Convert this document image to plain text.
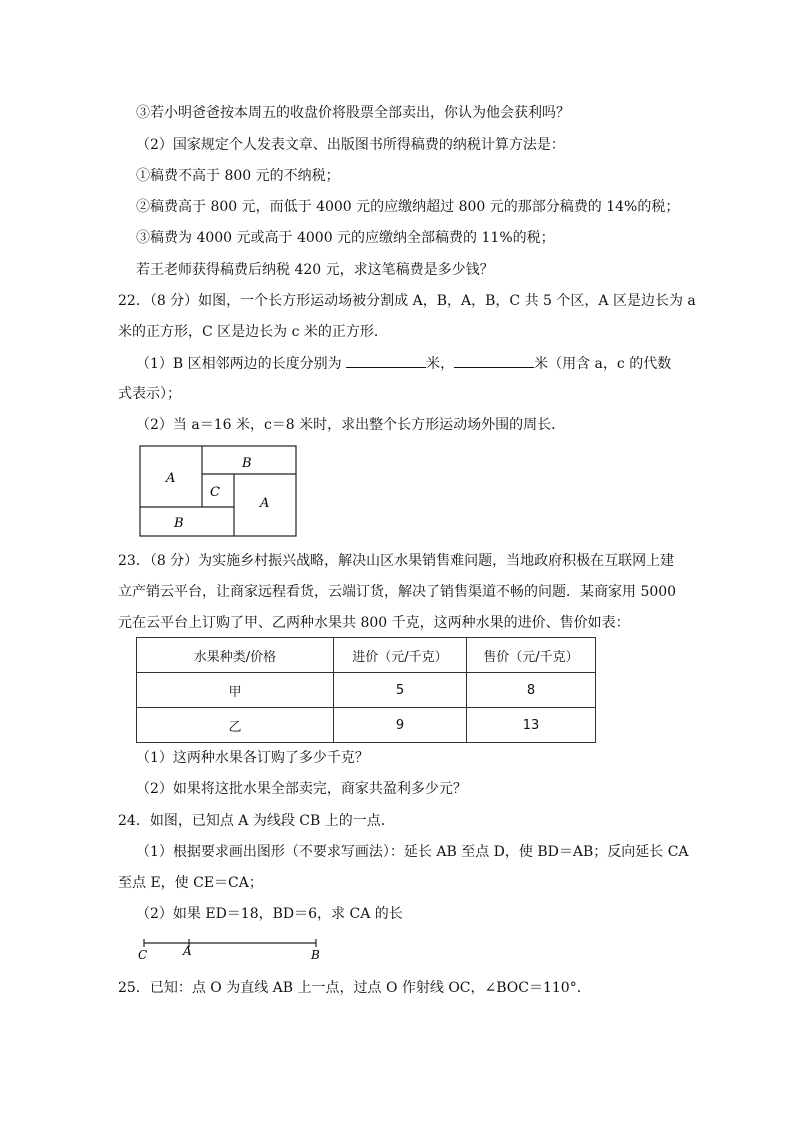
③若小明爸爸按本周五的收盘价将股票全部卖出，你认为他会获利吗？
（2）国家规定个人发表文章、出版图书所得稿费的纳税计算方法是：
①稿费不高于 800 元的不纳税；
②稿费高于 800 元，而低于 4000 元的应缴纳超过 800 元的那部分稿费的 14%的税；
③稿费为 4000 元或高于 4000 元的应缴纳全部稿费的 11%的税；
若王老师获得稿费后纳税 420 元，求这笔稿费是多少钱？
22．（8 分）如图，一个长方形运动场被分割成 A，B，A，B，C 共 5 个区，A 区是边长为 a
米的正方形，C 区是边长为 c 米的正方形．
（1）B 区相邻两边的长度分别为	米，	米（用含 a，c 的代数
式表示）；
（2）当 a＝16 米，c＝8 米时，求出整个长方形运动场外围的周长．
A
B
C
A
B
23．（8 分）为实施乡村振兴战略，解决山区水果销售难问题，当地政府积极在互联网上建
立产销云平台，让商家远程看货，云端订货，解决了销售渠道不畅的问题．某商家用 5000
元在云平台上订购了甲、乙两种水果共 800 千克，这两种水果的进价、售价如表：
水果种类/价格	进价（元/千克）	售价（元/千克）
甲	5	8
乙	9	13
（1）这两种水果各订购了多少千克？
（2）如果将这批水果全部卖完，商家共盈利多少元？
24．如图，已知点 A 为线段 CB 上的一点．
（1）根据要求画出图形（不要求写画法）：延长 AB 至点 D，使 BD＝AB；反向延长 CA
至点 E，使 CE＝CA；
（2）如果 ED＝18，BD＝6，求 CA 的长
C	A	B
25．已知：点 O 为直线 AB 上一点，过点 O 作射线 OC，∠BOC＝110°．
